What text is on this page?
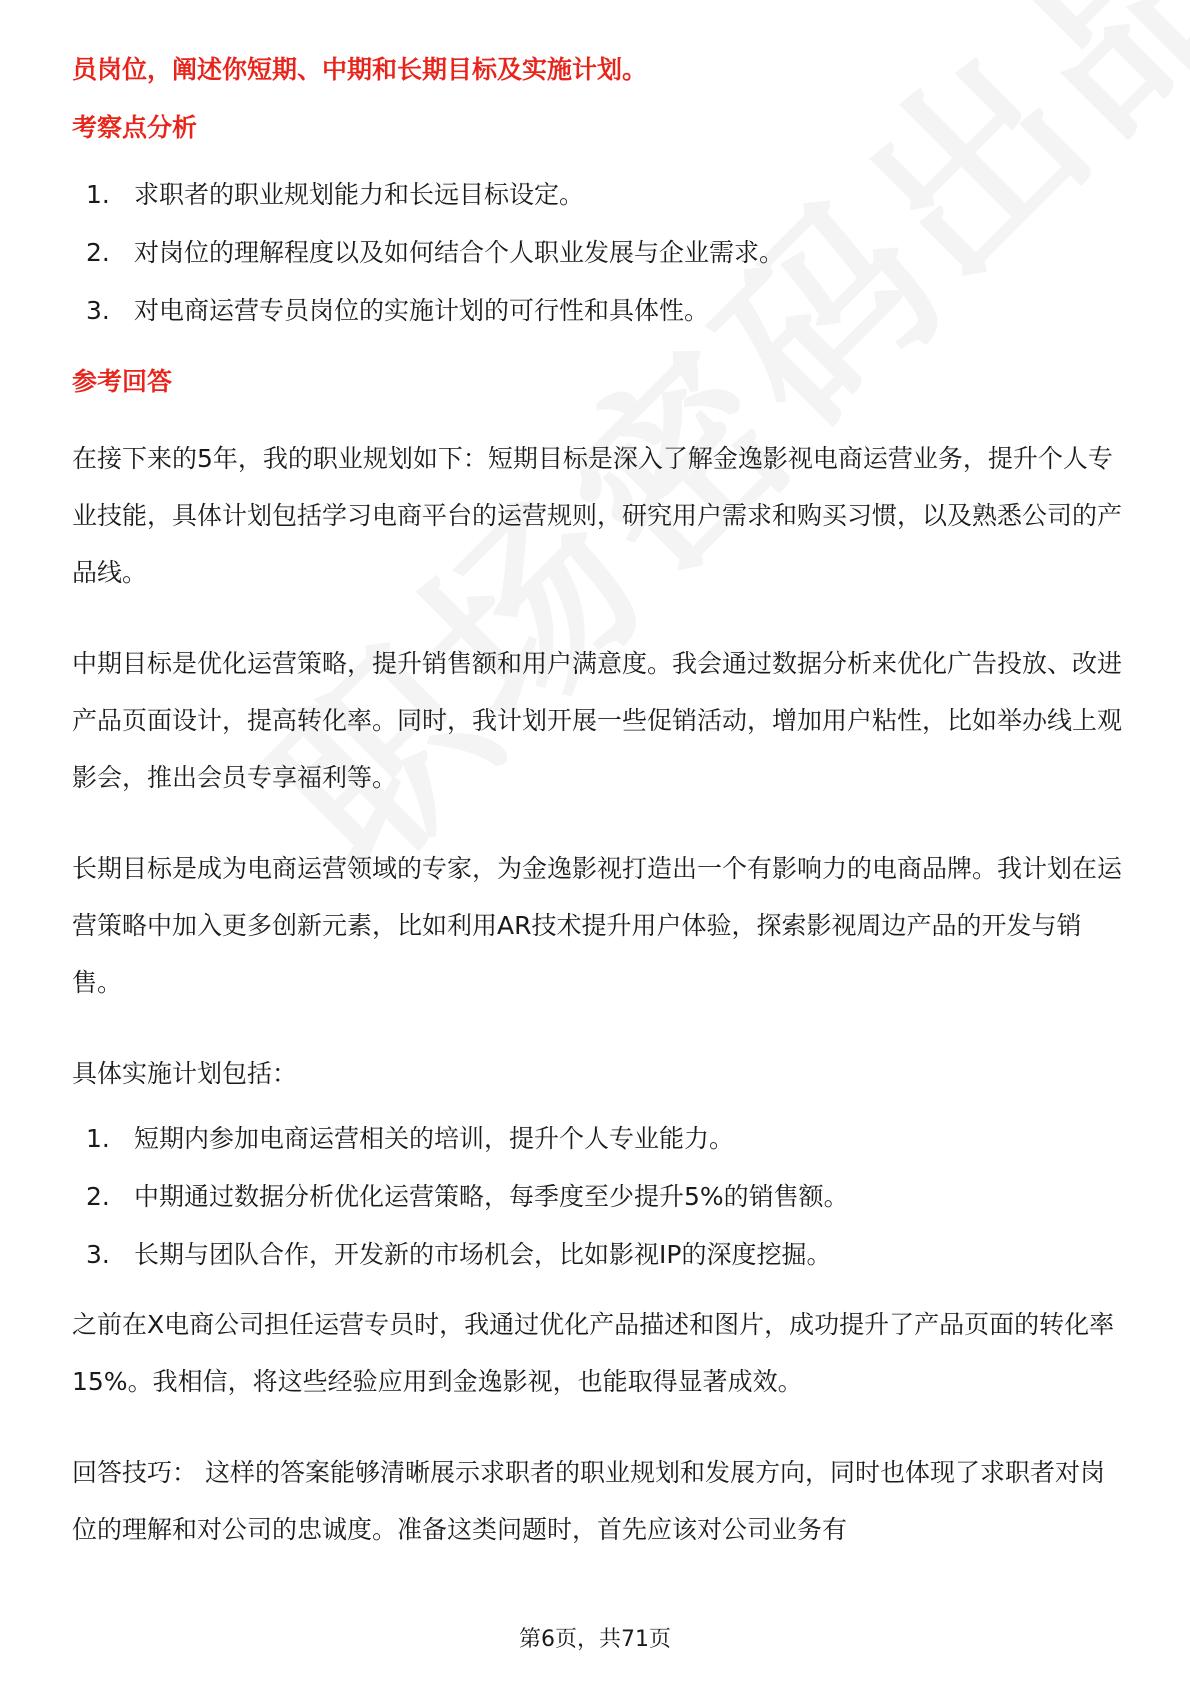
员岗位，阐述你短期、中期和长期目标及实施计划。

考察点分析
1. 求职者的职业规划能力和长远目标设定。
2. 对岗位的理解程度以及如何结合个人职业发展与企业需求。
3. 对电商运营专员岗位的实施计划的可行性和具体性。
参考回答

在接下来的5年，我的职业规划如下：短期目标是深入了解金逸影视电商运营业务，提升个人专业技能，具体计划包括学习电商平台的运营规则，研究用户需求和购买习惯，以及熟悉公司的产品线。

中期目标是优化运营策略，提升销售额和用户满意度。我会通过数据分析来优化广告投放、改进产品页面设计，提高转化率。同时，我计划开展一些促销活动，增加用户粘性，比如举办线上观影会，推出会员专享福利等。

长期目标是成为电商运营领域的专家，为金逸影视打造出一个有影响力的电商品牌。我计划在运营策略中加入更多创新元素，比如利用AR技术提升用户体验，探索影视周边产品的开发与销售。

具体实施计划包括：

1. 短期内参加电商运营相关的培训，提升个人专业能力。
2. 中期通过数据分析优化运营策略，每季度至少提升5%的销售额。
3. 长期与团队合作，开发新的市场机会，比如影视IP的深度挖掘。

之前在X电商公司担任运营专员时，我通过优化产品描述和图片，成功提升了产品页面的转化率15%。我相信，将这些经验应用到金逸影视，也能取得显著成效。

回答技巧： 这样的答案能够清晰展示求职者的职业规划和发展方向，同时也体现了求职者对岗位的理解和对公司的忠诚度。准备这类问题时，首先应该对公司业务有

第6页，共71页
